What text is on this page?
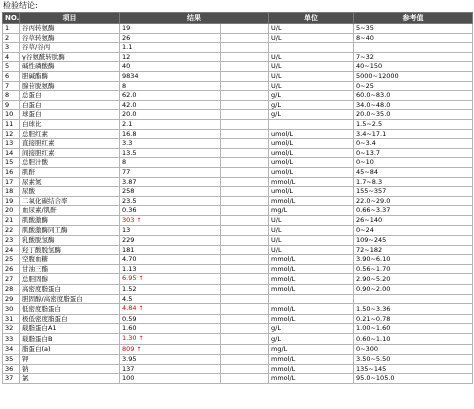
检验结论:
NO.	项目	结果		单位	参考值
1	谷丙转氨酶	19		U/L	5~35
2	谷草转氨酶	26		U/L	8~40
3	谷草/谷丙	1.1			
4	γ谷氨酰转肽酶	12		U/L	7~32
5	碱性磷酸酶	40		U/L	40~150
6	胆碱酯酶	9834		U/L	5000~12000
7	腺苷脱氨酶	8		U/L	0~25
8	总蛋白	62.0		g/L	60.0~83.0
9	白蛋白	42.0		g/L	34.0~48.0
10	球蛋白	20.0		g/L	20.0~35.0
11	白球比	2.1			1.5~2.5
12	总胆红素	16.8		umol/L	3.4~17.1
13	直接胆红素	3.3		umol/L	0~3.4
14	间接胆红素	13.5		umol/L	0~13.7
15	总胆汁酸	8		umol/L	0~10
16	肌酐	77		umol/L	45~84
17	尿素氮	3.87		mmol/L	1.7~8.3
18	尿酸	258		umol/L	155~357
19	二氧化碳结合率	23.5		mmol/L	22.0~29.0
20	血尿素/肌酐	0.36		mg/L	0.66~3.37
21	肌酸激酶	303 ↑		U/L	26~140
22	肌酸激酶同工酶	13		U/L	0~24
23	乳酸脱氢酶	229		U/L	109~245
24	羟丁酸脱氢酶	181		U/L	72~182
25	空腹血糖	4.70		mmol/L	3.90~6.10
26	甘油三酯	1.13		mmol/L	0.56~1.70
27	总胆固醇	6.95 ↑		mmol/L	2.90~5.20
28	高密度脂蛋白	1.52		mmol/L	0.90~2.00
29	胆固醇/高密度脂蛋白	4.5			
30	低密度脂蛋白	4.84 ↑		mmol/L	1.50~3.36
31	极低密度脂蛋白	0.59		mmol/L	0.21~0.78
32	载脂蛋白A1	1.60		g/L	1.00~1.60
33	载脂蛋白B	1.30 ↑		g/L	0.60~1.10
34	脂蛋白(a)	809 ↑		mg/L	0~300
35	钾	3.95		mmol/L	3.50~5.50
36	钠	137		mmol/L	135~145
37	氯	100		mmol/L	95.0~105.0
